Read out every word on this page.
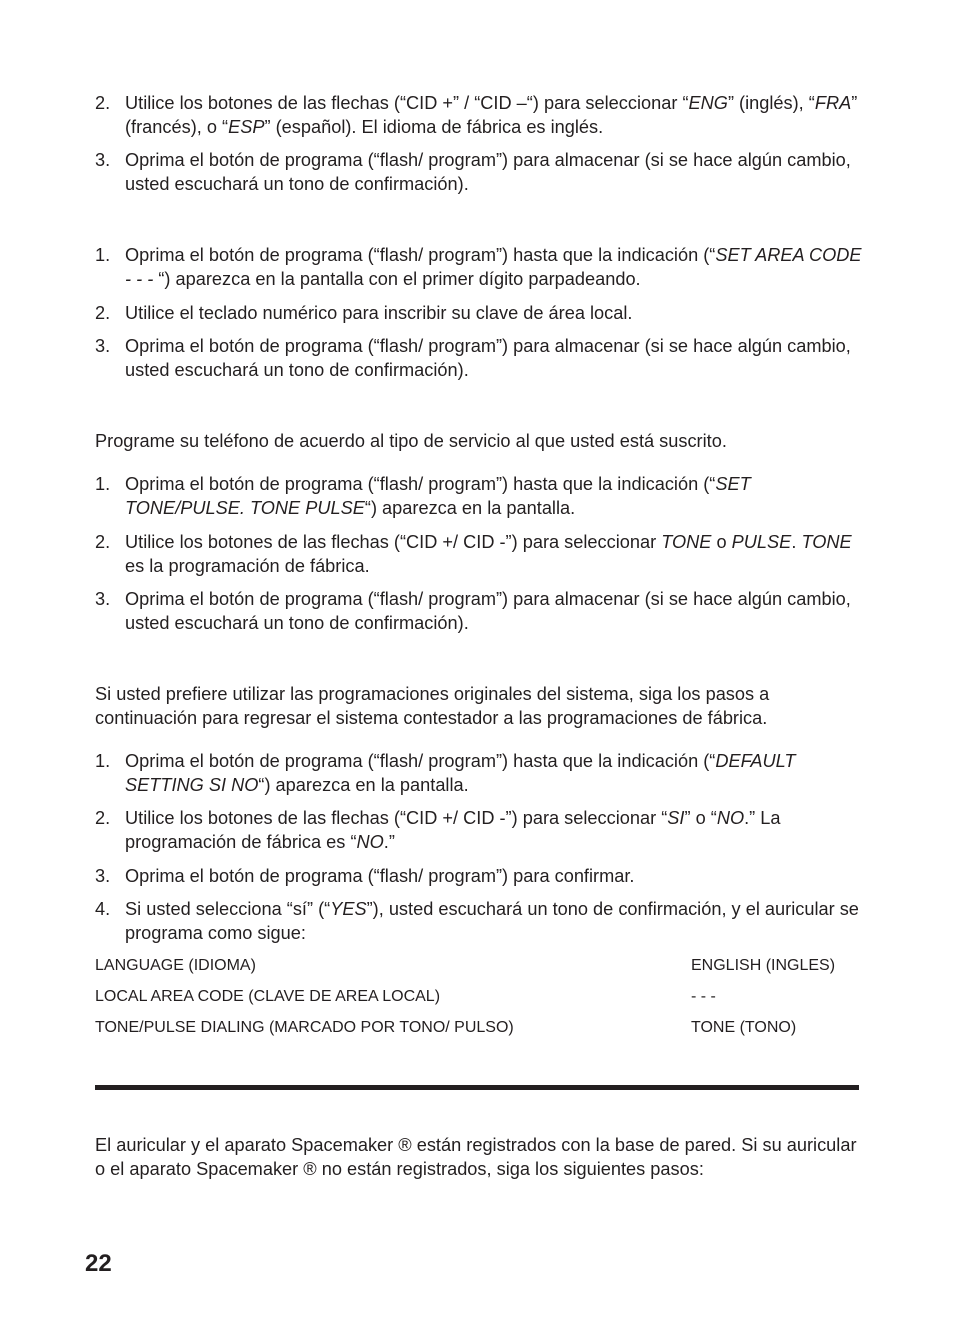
2. Utilice los botones de las flechas (“CID +” / “CID –“) para seleccionar “ENG” (inglés), “FRA” (francés), o “ESP” (español). El idioma de fábrica es inglés.
3. Oprima el botón de programa (“flash/ program”) para almacenar (si se hace algún cambio, usted escuchará un tono de confirmación).
1. Oprima el botón de programa (“flash/ program”) hasta que la indicación (“SET AREA CODE - - - “) aparezca en la pantalla con el primer dígito parpadeando.
2. Utilice el teclado numérico para inscribir su clave de área local.
3. Oprima el botón de programa (“flash/ program”) para almacenar (si se hace algún cambio, usted escuchará un tono de confirmación).
Programe su teléfono de acuerdo al tipo de servicio al que usted está suscrito.
1. Oprima el botón de programa (“flash/ program”) hasta que la indicación (“SET TONE/PULSE. TONE PULSE“) aparezca en la pantalla.
2. Utilice los botones de las flechas (“CID +/ CID -”) para seleccionar TONE o PULSE. TONE es la programación de fábrica.
3. Oprima el botón de programa (“flash/ program”) para almacenar (si se hace algún cambio, usted escuchará un tono de confirmación).
Si usted prefiere utilizar las programaciones originales del sistema, siga los pasos a continuación para regresar el sistema contestador a las programaciones de fábrica.
1. Oprima el botón de programa (“flash/ program”) hasta que la indicación (“DEFAULT SETTING SI NO“) aparezca en la pantalla.
2. Utilice los botones de las flechas (“CID +/ CID -”) para seleccionar “SI” o “NO.” La programación de fábrica es “NO.”
3. Oprima el botón de programa (“flash/ program”) para confirmar.
4. Si usted selecciona “sí” (“YES”), usted escuchará un tono de confirmación, y el auricular se programa como sigue:
LANGUAGE (IDIOMA)	ENGLISH (INGLES)
LOCAL AREA CODE (CLAVE DE AREA LOCAL)	- - -
TONE/PULSE DIALING (MARCADO POR TONO/ PULSO)	TONE (TONO)
El auricular y el aparato Spacemaker ® están registrados con la base de pared. Si su auricular o el aparato Spacemaker ® no están registrados, siga los siguientes pasos:
22
